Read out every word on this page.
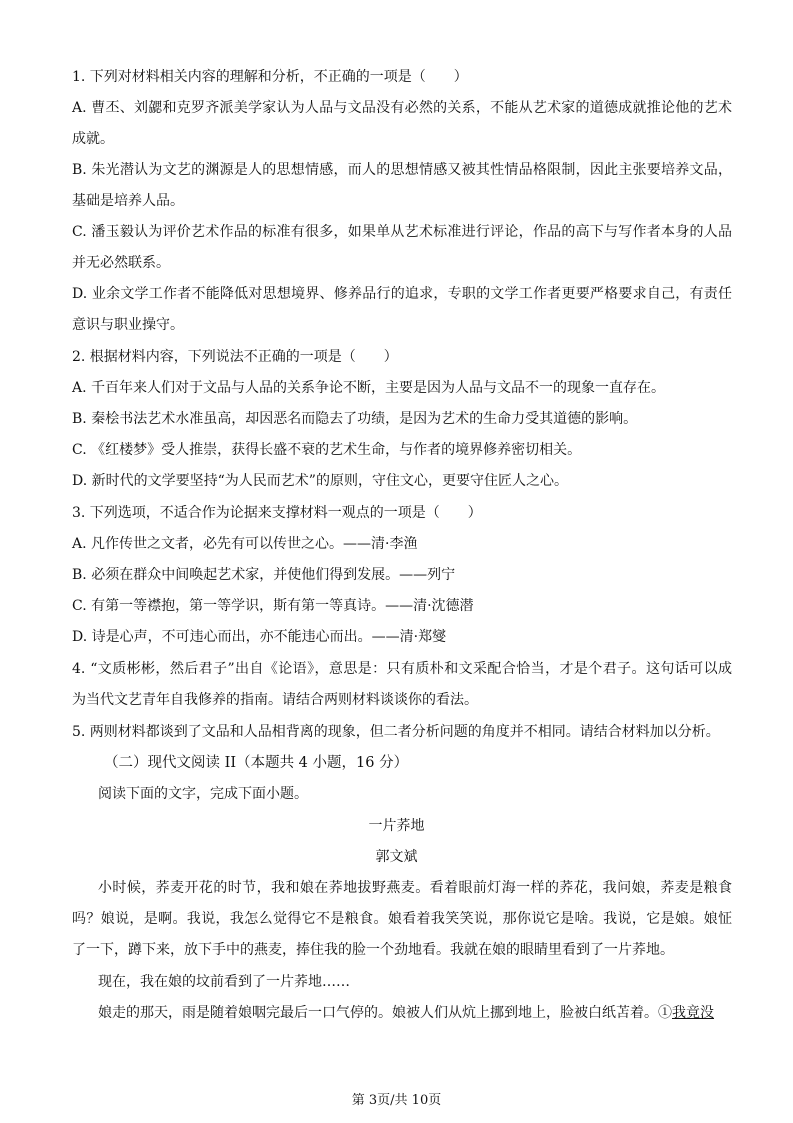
1. 下列对材料相关内容的理解和分析，不正确的一项是（　　）
A. 曹丕、刘勰和克罗齐派美学家认为人品与文品没有必然的关系，不能从艺术家的道德成就推论他的艺术
成就。
B. 朱光潜认为文艺的渊源是人的思想情感，而人的思想情感又被其性情品格限制，因此主张要培养文品，
基础是培养人品。
C. 潘玉毅认为评价艺术作品的标准有很多，如果单从艺术标准进行评论，作品的高下与写作者本身的人品
并无必然联系。
D. 业余文学工作者不能降低对思想境界、修养品行的追求，专职的文学工作者更要严格要求自己，有责任
意识与职业操守。
2. 根据材料内容，下列说法不正确的一项是（　　）
A. 千百年来人们对于文品与人品的关系争论不断，主要是因为人品与文品不一的现象一直存在。
B. 秦桧书法艺术水准虽高，却因恶名而隐去了功绩，是因为艺术的生命力受其道德的影响。
C. 《红楼梦》受人推崇，获得长盛不衰的艺术生命，与作者的境界修养密切相关。
D. 新时代的文学要坚持“为人民而艺术”的原则，守住文心，更要守住匠人之心。
3. 下列选项，不适合作为论据来支撑材料一观点的一项是（　　）
A. 凡作传世之文者，必先有可以传世之心。——清·李渔
B. 必须在群众中间唤起艺术家，并使他们得到发展。——列宁
C. 有第一等襟抱，第一等学识，斯有第一等真诗。——清·沈德潜
D. 诗是心声，不可违心而出，亦不能违心而出。——清·郑燮
4. “文质彬彬，然后君子”出自《论语》，意思是：只有质朴和文采配合恰当，才是个君子。这句话可以成
为当代文艺青年自我修养的指南。请结合两则材料谈谈你的看法。
5. 两则材料都谈到了文品和人品相背离的现象，但二者分析问题的角度并不相同。请结合材料加以分析。
（二）现代文阅读 II（本题共 4 小题，16 分）
阅读下面的文字，完成下面小题。
一片荞地
郭文斌
小时候，荞麦开花的时节，我和娘在荞地拔野燕麦。看着眼前灯海一样的荞花，我问娘，荞麦是粮食
吗？娘说，是啊。我说，我怎么觉得它不是粮食。娘看着我笑笑说，那你说它是啥。我说，它是娘。娘怔
了一下，蹲下来，放下手中的燕麦，捧住我的脸一个劲地看。我就在娘的眼睛里看到了一片荞地。
现在，我在娘的坟前看到了一片荞地……
娘走的那天，雨是随着娘咽完最后一口气停的。娘被人们从炕上挪到地上，脸被白纸苫着。①我竟没
第 3页/共 10页
